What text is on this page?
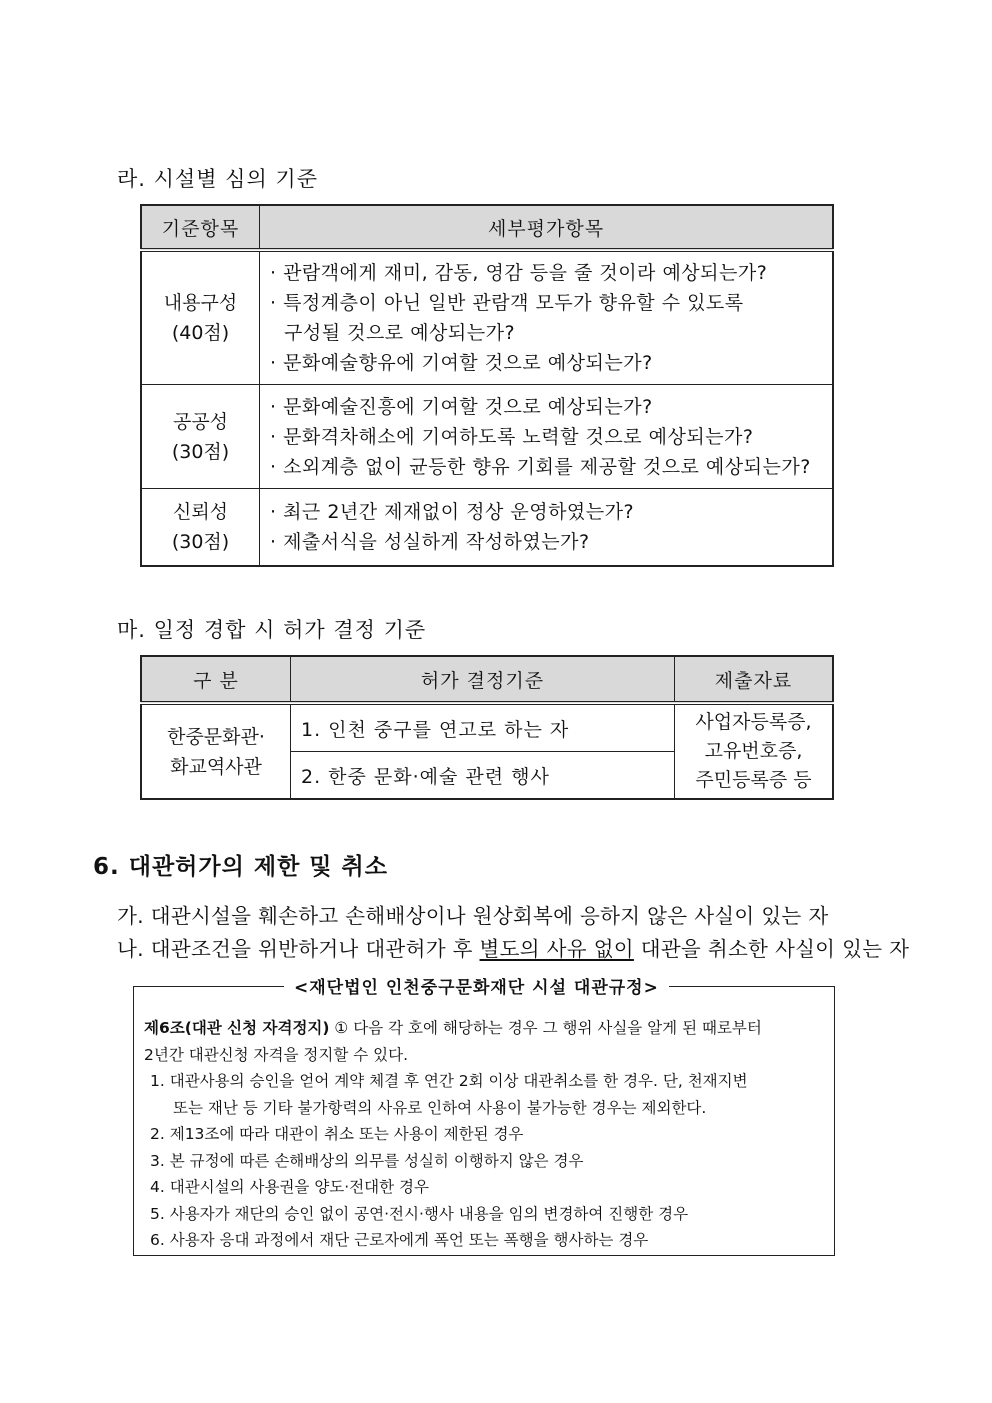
라. 시설별 심의 기준
기준항목	세부평가항목
내용구성
(40점)	· 관람객에게 재미, 감동, 영감 등을 줄 것이라 예상되는가?
· 특정계층이 아닌 일반 관람객 모두가 향유할 수 있도록
구성될 것으로 예상되는가?
· 문화예술향유에 기여할 것으로 예상되는가?

공공성
(30점)	· 문화예술진흥에 기여할 것으로 예상되는가?
· 문화격차해소에 기여하도록 노력할 것으로 예상되는가?
· 소외계층 없이 균등한 향유 기회를 제공할 것으로 예상되는가?

신뢰성
(30점)	· 최근 2년간 제재없이 정상 운영하였는가?
· 제출서식을 성실하게 작성하였는가?
마. 일정 경합 시 허가 결정 기준
구 분	허가 결정기준	제출자료
한중문화관·
화교역사관	1. 인천 중구를 연고로 하는 자	사업자등록증,
고유번호증,
주민등록증 등
	2. 한중 문화·예술 관련 행사	
6. 대관허가의 제한 및 취소
가. 대관시설을 훼손하고 손해배상이나 원상회복에 응하지 않은 사실이 있는 자
나. 대관조건을 위반하거나 대관허가 후 별도의 사유 없이 대관을 취소한 사실이 있는 자
<재단법인 인천중구문화재단 시설 대관규정>
제6조(대관 신청 자격정지) ① 다음 각 호에 해당하는 경우 그 행위 사실을 알게 된 때로부터
2년간 대관신청 자격을 정지할 수 있다.
1. 대관사용의 승인을 얻어 계약 체결 후 연간 2회 이상 대관취소를 한 경우. 단, 천재지변
또는 재난 등 기타 불가항력의 사유로 인하여 사용이 불가능한 경우는 제외한다.
2. 제13조에 따라 대관이 취소 또는 사용이 제한된 경우
3. 본 규정에 따른 손해배상의 의무를 성실히 이행하지 않은 경우
4. 대관시설의 사용권을 양도·전대한 경우
5. 사용자가 재단의 승인 없이 공연·전시·행사 내용을 임의 변경하여 진행한 경우
6. 사용자 응대 과정에서 재단 근로자에게 폭언 또는 폭행을 행사하는 경우
